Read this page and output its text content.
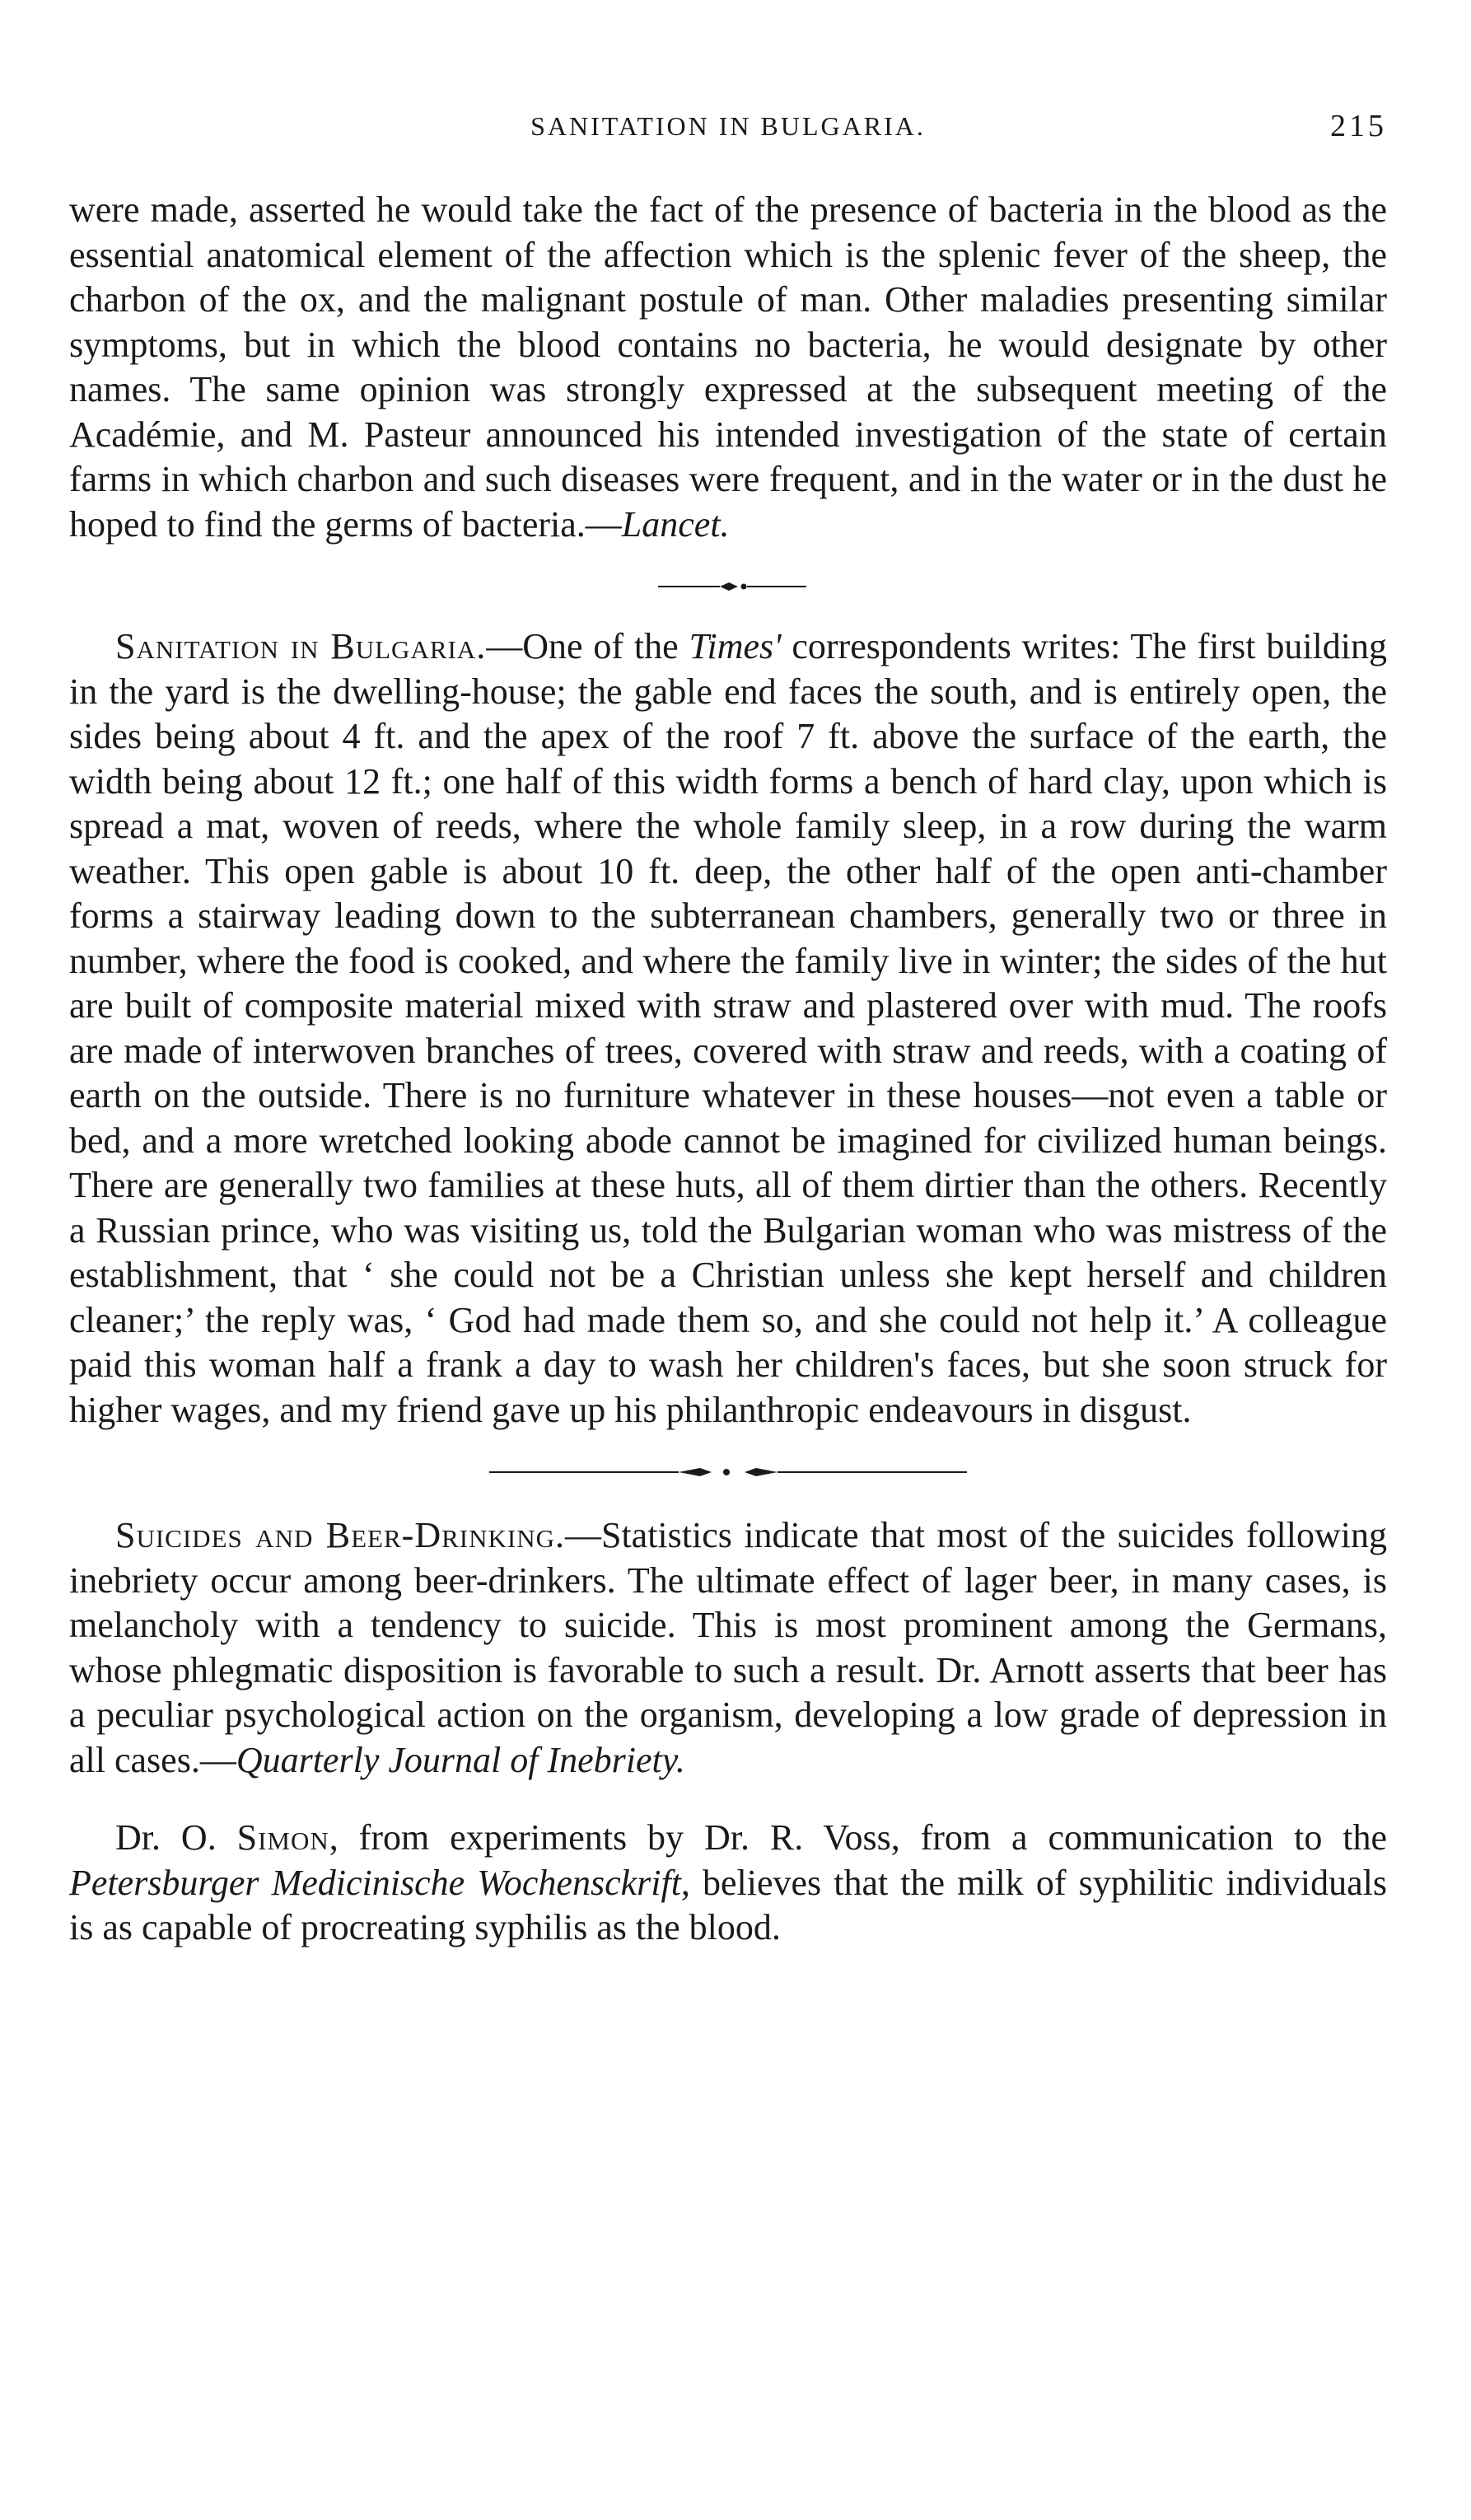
SANITATION IN BULGARIA.	215

were made, asserted he would take the fact of the presence of bacteria in the blood as the essential anatomical element of the affection which is the splenic fever of the sheep, the charbon of the ox, and the malignant postule of man. Other maladies presenting similar symptoms, but in which the blood contains no bacteria, he would designate by other names. The same opinion was strongly expressed at the subsequent meeting of the Académie, and M. Pasteur announced his intended investigation of the state of certain farms in which charbon and such diseases were frequent, and in the water or in the dust he hoped to find the germs of bacteria.—Lancet.

Sanitation in Bulgaria.—One of the Times' correspondents writes: The first building in the yard is the dwelling-house; the gable end faces the south, and is entirely open, the sides being about 4 ft. and the apex of the roof 7 ft. above the surface of the earth, the width being about 12 ft.; one half of this width forms a bench of hard clay, upon which is spread a mat, woven of reeds, where the whole family sleep, in a row during the warm weather. This open gable is about 10 ft. deep, the other half of the open anti-chamber forms a stairway leading down to the subterranean chambers, generally two or three in number, where the food is cooked, and where the family live in winter; the sides of the hut are built of composite material mixed with straw and plastered over with mud. The roofs are made of interwoven branches of trees, covered with straw and reeds, with a coating of earth on the outside. There is no furniture whatever in these houses—not even a table or bed, and a more wretched looking abode cannot be imagined for civilized human beings. There are generally two families at these huts, all of them dirtier than the others. Recently a Russian prince, who was visiting us, told the Bulgarian woman who was mistress of the establishment, that ‘ she could not be a Christian unless she kept herself and children cleaner;’ the reply was, ‘ God had made them so, and she could not help it.’ A colleague paid this woman half a frank a day to wash her children's faces, but she soon struck for higher wages, and my friend gave up his philanthropic endeavours in disgust.

Suicides and Beer-Drinking.—Statistics indicate that most of the suicides following inebriety occur among beer-drinkers. The ultimate effect of lager beer, in many cases, is melancholy with a tendency to suicide. This is most prominent among the Germans, whose phlegmatic disposition is favorable to such a result. Dr. Arnott asserts that beer has a peculiar psychological action on the organism, developing a low grade of depression in all cases.—Quarterly Journal of Inebriety.

Dr. O. Simon, from experiments by Dr. R. Voss, from a communication to the Petersburger Medicinische Wochensckrift, believes that the milk of syphilitic individuals is as capable of procreating syphilis as the blood.
